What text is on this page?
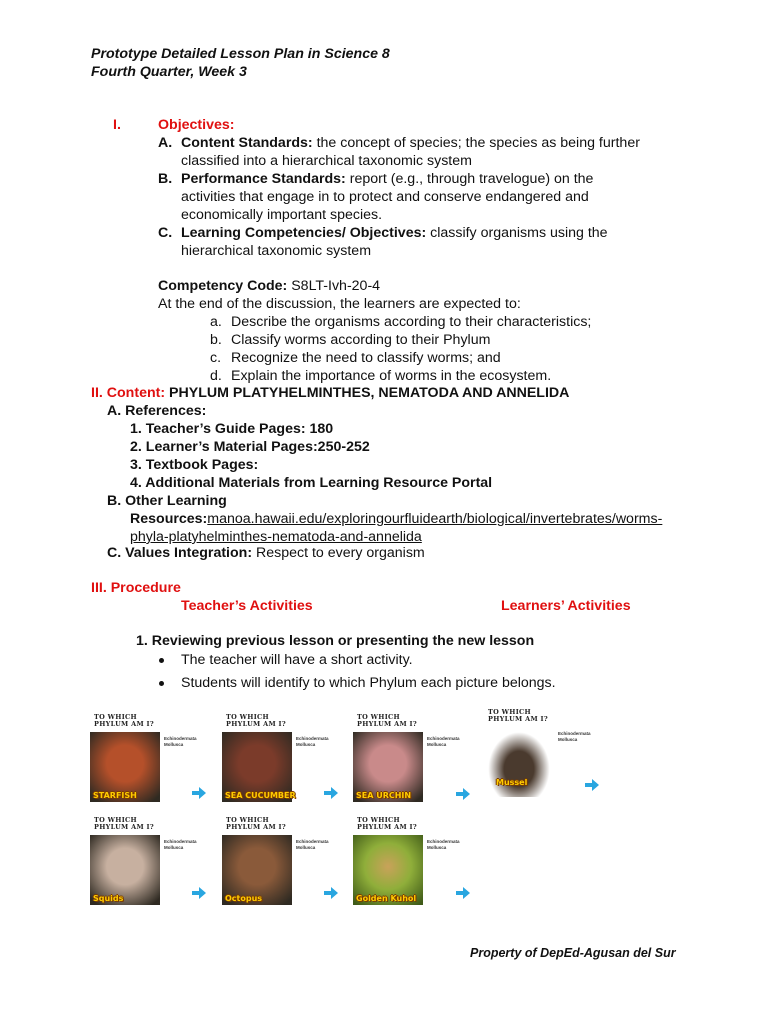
Prototype Detailed Lesson Plan in Science 8
Fourth Quarter, Week 3
I.	Objectives:
A. Content Standards: the concept of species; the species as being further
classified into a hierarchical taxonomic system
B. Performance Standards: report (e.g., through travelogue) on the
activities that engage in to protect and conserve endangered and
economically important species.
C. Learning Competencies/ Objectives: classify organisms using the
hierarchical taxonomic system
Competency Code: S8LT-Ivh-20-4
At the end of the discussion, the learners are expected to:
a. Describe the organisms according to their characteristics;
b. Classify worms according to their Phylum
c. Recognize the need to classify worms; and
d. Explain the importance of worms in the ecosystem.
II. Content: PHYLUM PLATYHELMINTHES, NEMATODA AND ANNELIDA
A. References:
1. Teacher’s Guide Pages: 180
2. Learner’s Material Pages:250-252
3. Textbook Pages:
4. Additional Materials from Learning Resource Portal
B. Other Learning
Resources:manoa.hawaii.edu/exploringourfluidearth/biological/invertebrates/worms-
phyla-platyhelminthes-nematoda-and-annelida
C. Values Integration: Respect to every organism
III. Procedure
Teacher’s Activities	Learners’ Activities
1. Reviewing previous lesson or presenting the new lesson
The teacher will have a short activity.
Students will identify to which Phylum each picture belongs.
TO WHICH
PHYLUM AM I?
Echinodermata
Mollusca
STARFISH
TO WHICH
PHYLUM AM I?
Echinodermata
Mollusca
SEA CUCUMBER
TO WHICH
PHYLUM AM I?
Echinodermata
Mollusca
SEA URCHIN
TO WHICH
PHYLUM AM I?
Echinodermata
Mollusca
Mussel
TO WHICH
PHYLUM AM I?
Echinodermata
Mollusca
Squids
TO WHICH
PHYLUM AM I?
Echinodermata
Mollusca
Octopus
TO WHICH
PHYLUM AM I?
Echinodermata
Mollusca
Golden Kuhol
Property of DepEd-Agusan del Sur
